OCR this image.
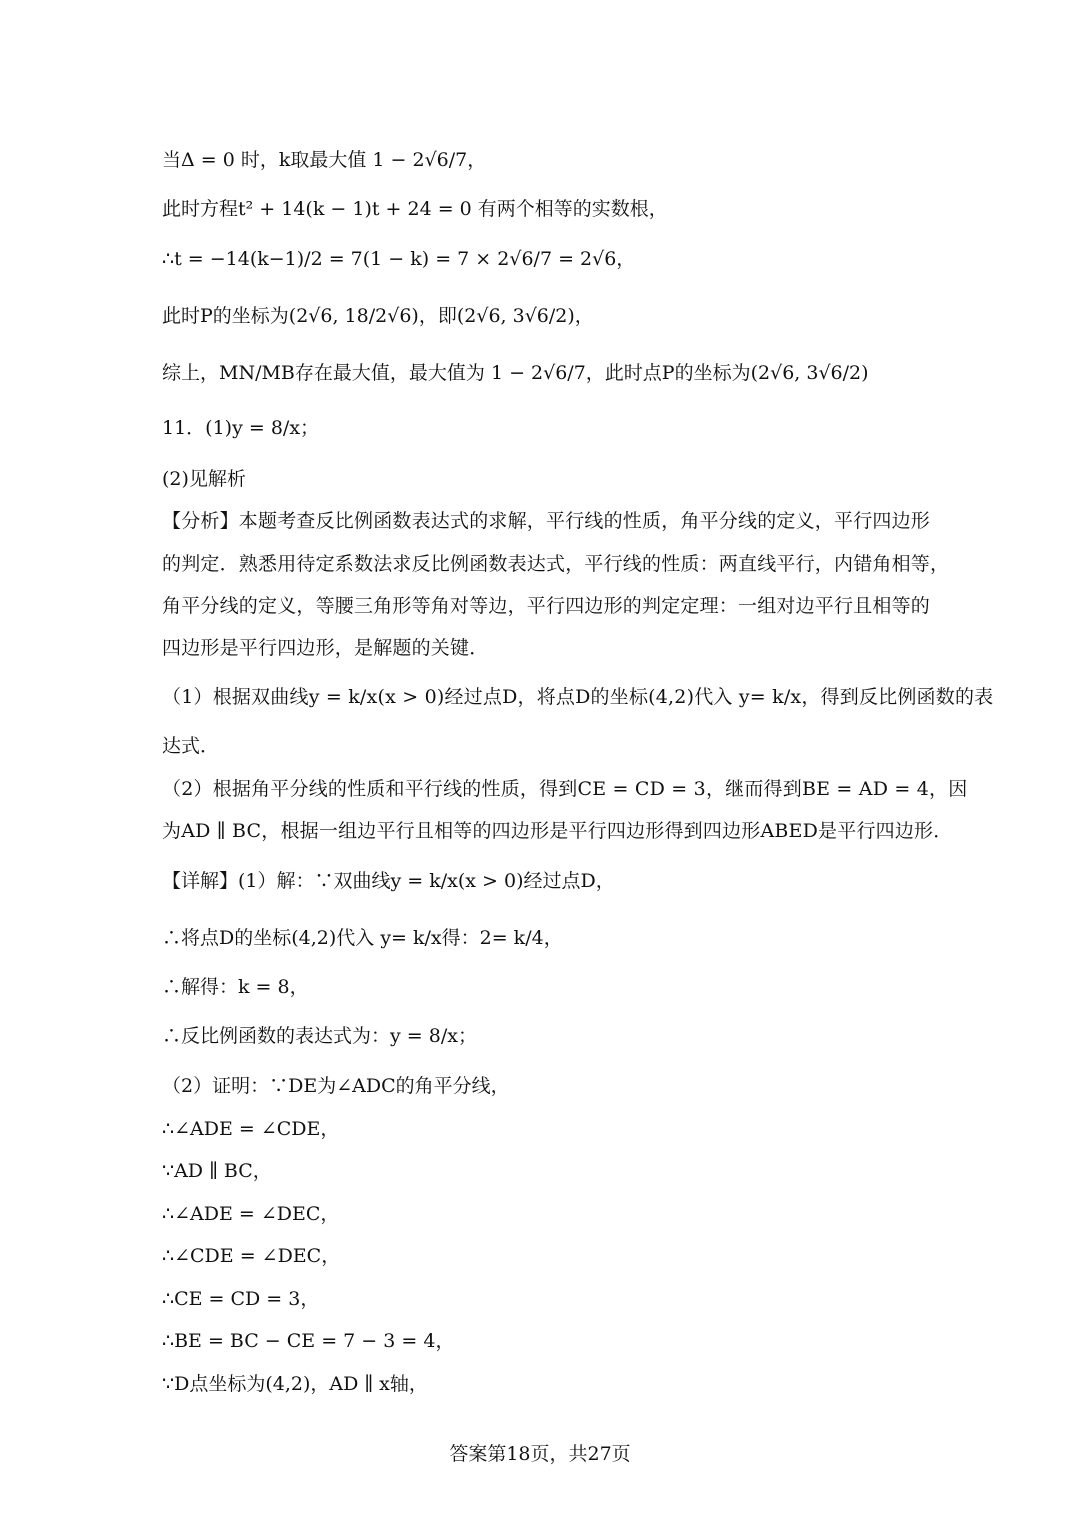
当Δ = 0 时，k取最大值 1 − 2√6/7，
此时方程t² + 14(k − 1)t + 24 = 0 有两个相等的实数根，
∴t = −14(k−1)/2 = 7(1 − k) = 7 × 2√6/7 = 2√6，
此时P的坐标为(2√6, 18/2√6)，即(2√6, 3√6/2)，
综上，MN/MB存在最大值，最大值为 1 − 2√6/7，此时点P的坐标为(2√6, 3√6/2)
11．(1)y = 8/x；
(2)见解析
【分析】本题考查反比例函数表达式的求解，平行线的性质，角平分线的定义，平行四边形
的判定．熟悉用待定系数法求反比例函数表达式，平行线的性质：两直线平行，内错角相等，
角平分线的定义，等腰三角形等角对等边，平行四边形的判定定理：一组对边平行且相等的
四边形是平行四边形，是解题的关键．
（1）根据双曲线y = k/x(x > 0)经过点D，将点D的坐标(4,2)代入 y= k/x，得到反比例函数的表
达式．
（2）根据角平分线的性质和平行线的性质，得到CE = CD = 3，继而得到BE = AD = 4，因
为AD ∥ BC，根据一组边平行且相等的四边形是平行四边形得到四边形ABED是平行四边形．
【详解】(1）解：∵双曲线y = k/x(x > 0)经过点D，
∴将点D的坐标(4,2)代入 y= k/x得：2= k/4，
∴解得：k = 8，
∴反比例函数的表达式为：y = 8/x；
（2）证明：∵DE为∠ADC的角平分线，
∴∠ADE = ∠CDE，
∵AD ∥ BC，
∴∠ADE = ∠DEC，
∴∠CDE = ∠DEC，
∴CE = CD = 3，
∴BE = BC − CE = 7 − 3 = 4，
∵D点坐标为(4,2)，AD ∥ x轴，
答案第18页，共27页
